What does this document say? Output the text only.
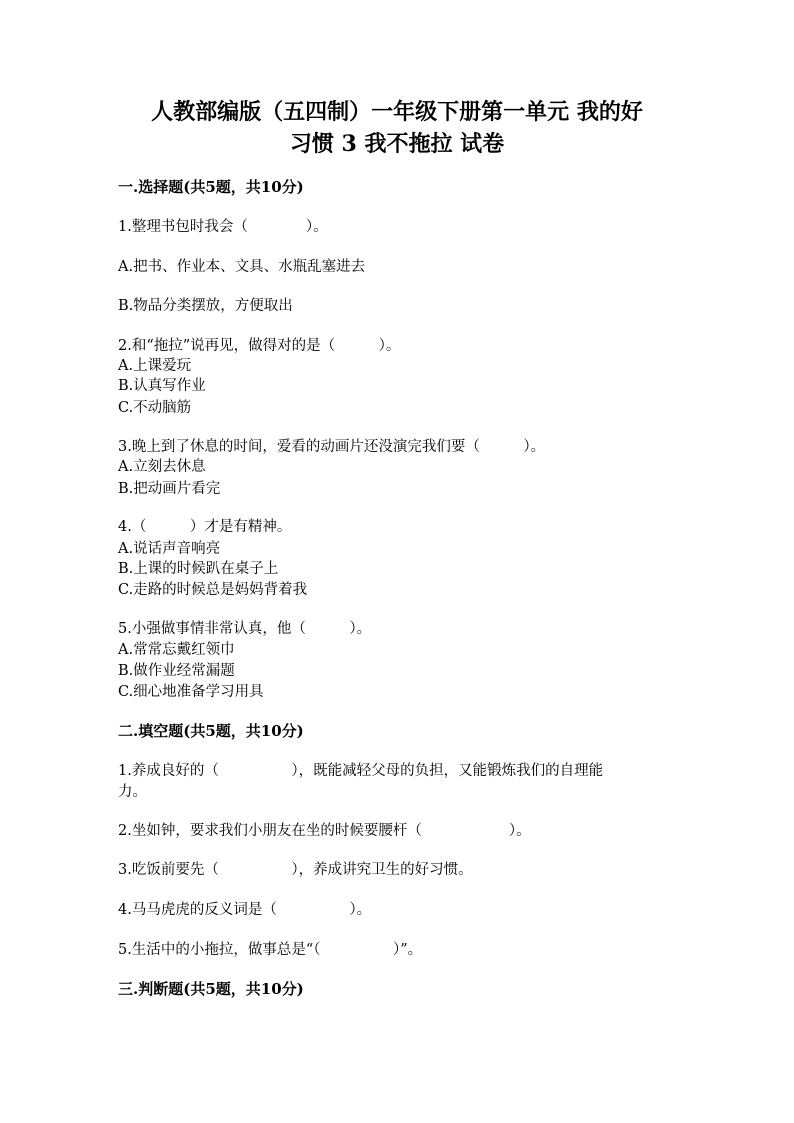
人教部编版（五四制）一年级下册第一单元 我的好
习惯 3 我不拖拉 试卷
一.选择题(共5题，共10分)
1.整理书包时我会（　　　　）。
A.把书、作业本、文具、水瓶乱塞进去
B.物品分类摆放，方便取出
2.和“拖拉”说再见，做得对的是（　　　）。
A.上课爱玩
B.认真写作业
C.不动脑筋
3.晚上到了休息的时间，爱看的动画片还没演完我们要（　　　）。
A.立刻去休息
B.把动画片看完
4.（　　　）才是有精神。
A.说话声音响亮
B.上课的时候趴在桌子上
C.走路的时候总是妈妈背着我
5.小强做事情非常认真，他（　　　）。
A.常常忘戴红领巾
B.做作业经常漏题
C.细心地准备学习用具
二.填空题(共5题，共10分)
1.养成良好的（　　　　　），既能减轻父母的负担，又能锻炼我们的自理能
力。
2.坐如钟，要求我们小朋友在坐的时候要腰杆（　　　　　　）。
3.吃饭前要先（　　　　　），养成讲究卫生的好习惯。
4.马马虎虎的反义词是（　　　　　）。
5.生活中的小拖拉，做事总是“（　　　　　）”。
三.判断题(共5题，共10分)
